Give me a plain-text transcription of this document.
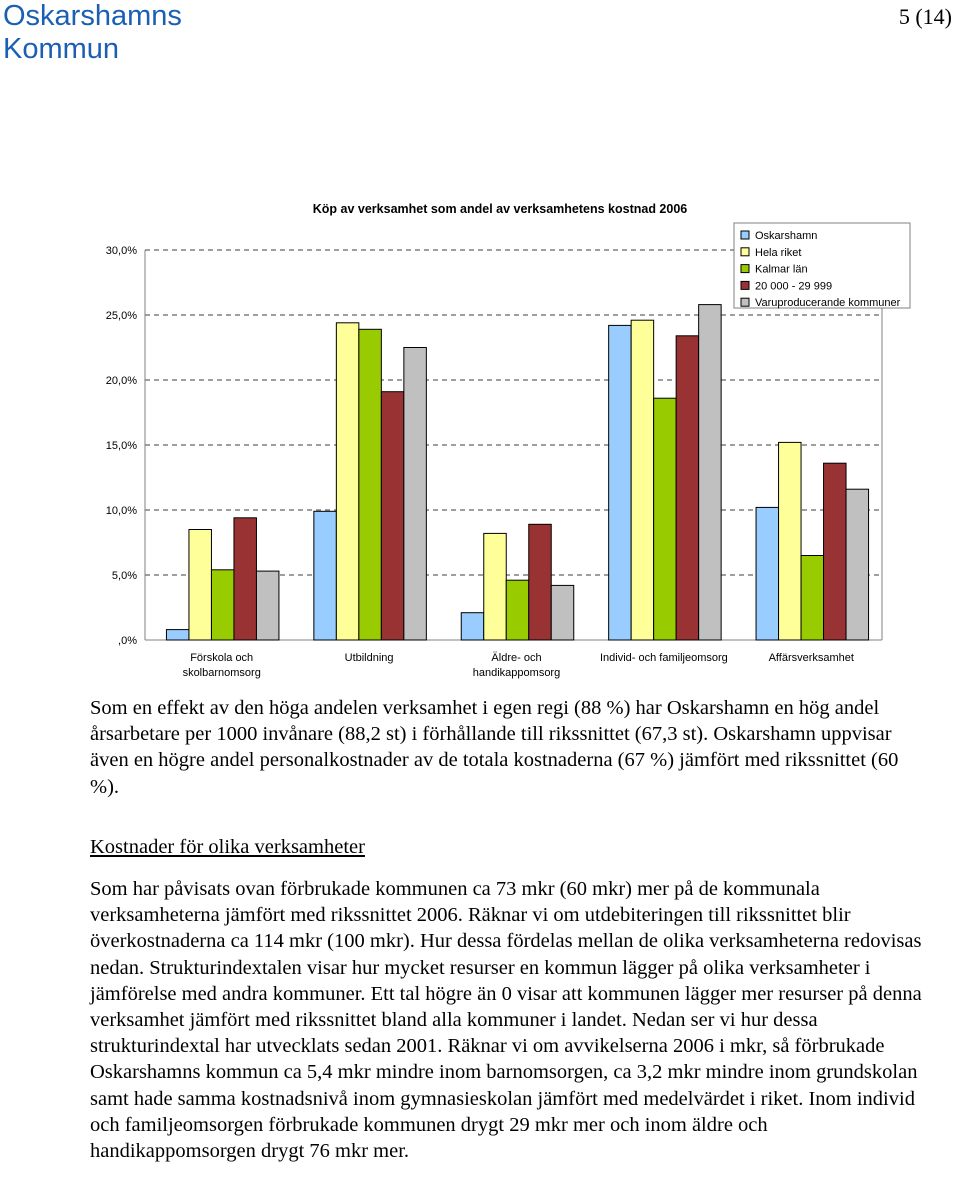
Oskarshamns
Kommun
5 (14)
Köp av verksamhet som andel av verksamhetens kostnad 2006
30,0%
25,0%
20,0%
15,0%
10,0%
5,0%
,0%
Förskola och
skolbarnomsorg
Utbildning	Äldre- och
handikappomsorg
Individ- och familjeomsorg	Affärsverksamhet
Oskarshamn
Hela riket
Kalmar län
20 000 - 29 999
Varuproducerande kommuner

Som en effekt av den höga andelen verksamhet i egen regi (88 %) har Oskarshamn en hög andel årsarbetare per 1000 invånare (88,2 st) i förhållande till rikssnittet (67,3 st). Oskarshamn uppvisar även en högre andel personalkostnader av de totala kostnaderna (67 %) jämfört med rikssnittet (60 %).

Kostnader för olika verksamheter

Som har påvisats ovan förbrukade kommunen ca 73 mkr (60 mkr) mer på de kommunala verksamheterna jämfört med rikssnittet 2006. Räknar vi om utdebiteringen till rikssnittet blir överkostnaderna ca 114 mkr (100 mkr). Hur dessa fördelas mellan de olika verksamheterna redovisas nedan. Strukturindextalen visar hur mycket resurser en kommun lägger på olika verksamheter i jämförelse med andra kommuner. Ett tal högre än 0 visar att kommunen lägger mer resurser på denna verksamhet jämfört med rikssnittet bland alla kommuner i landet. Nedan ser vi hur dessa strukturindextal har utvecklats sedan 2001. Räknar vi om avvikelserna 2006 i mkr, så förbrukade Oskarshamns kommun ca 5,4 mkr mindre inom barnomsorgen, ca 3,2 mkr mindre inom grundskolan samt hade samma kostnadsnivå inom gymnasieskolan jämfört med medelvärdet i riket. Inom individ och familjeomsorgen förbrukade kommunen drygt 29 mkr mer och inom äldre och handikappomsorgen drygt 76 mkr mer.
